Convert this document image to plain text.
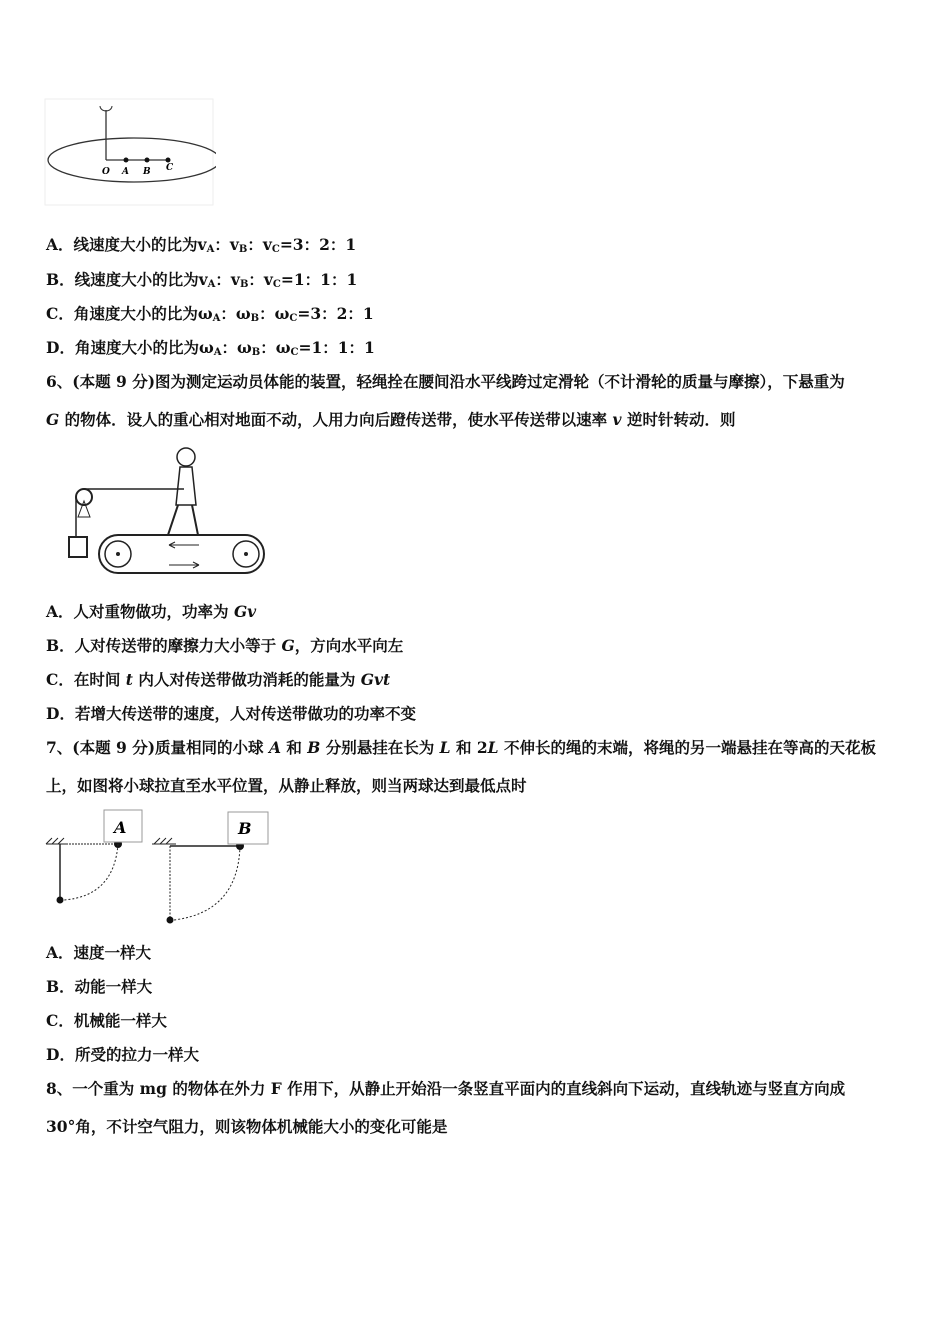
O A B C
A．线速度大小的比为$v_A$：$v_B$：$v_C=3$：2：1
B．线速度大小的比为$v_A$：$v_B$：$v_C=1$：1：1
C．角速度大小的比为$\omega_A$：$\omega_B$：$\omega_C=3$：2：1
D．角速度大小的比为$\omega_A$：$\omega_B$：$\omega_C=1$：1：1
6、(本题 9 分)图为测定运动员体能的装置，轻绳拴在腰间沿水平线跨过定滑轮（不计滑轮的质量与摩擦），下悬重为
G 的物体．设人的重心相对地面不动，人用力向后蹬传送带，使水平传送带以速率 v 逆时针转动．则
A．人对重物做功，功率为 Gv
B．人对传送带的摩擦力大小等于 G，方向水平向左
C．在时间 t 内人对传送带做功消耗的能量为 Gvt
D．若增大传送带的速度，人对传送带做功的功率不变
7、(本题 9 分)质量相同的小球 A 和 B 分别悬挂在长为 L 和 2L 不伸长的绳的末端，将绳的另一端悬挂在等高的天花板
上，如图将小球拉直至水平位置，从静止释放，则当两球达到最低点时
A	B
A．速度一样大
B．动能一样大
C．机械能一样大
D．所受的拉力一样大
8、一个重为 mg 的物体在外力 F 作用下，从静止开始沿一条竖直平面内的直线斜向下运动，直线轨迹与竖直方向成
30°角，不计空气阻力，则该物体机械能大小的变化可能是
